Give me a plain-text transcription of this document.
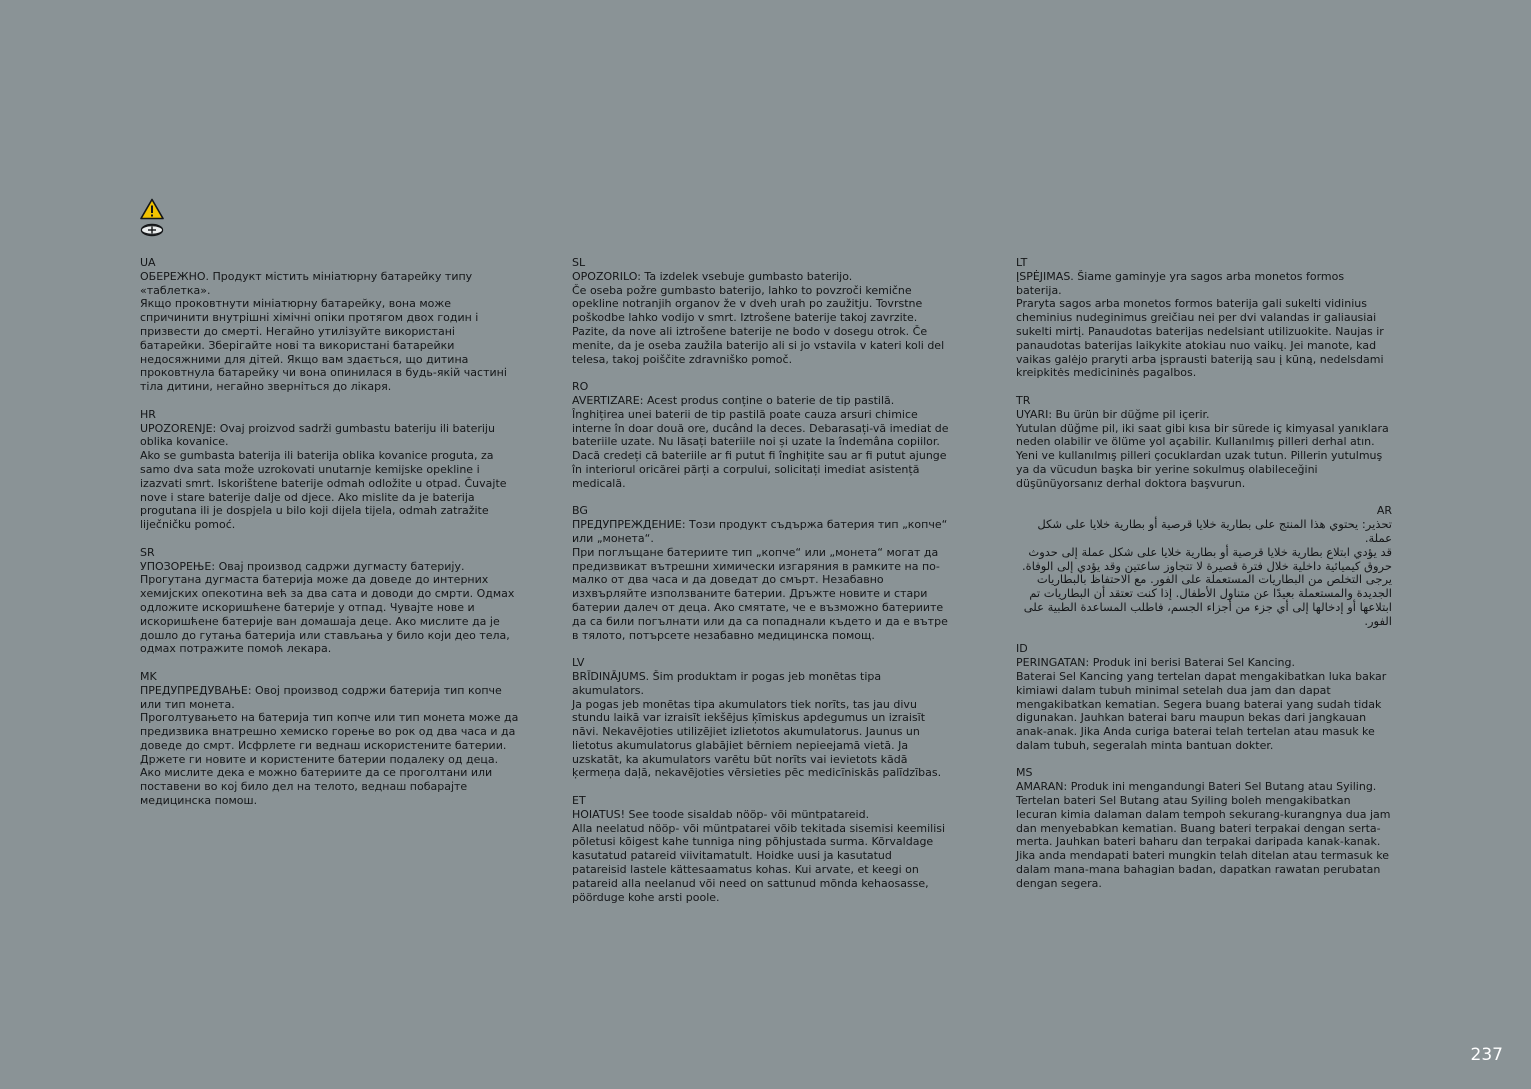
UA
ОБЕРЕЖНО. Продукт містить мініатюрну батарейку типу «таблетка».
Якщо проковтнути мініатюрну батарейку, вона може спричинити внутрішні хімічні опіки протягом двох годин і призвести до смерті. Негайно утилізуйте використані батарейки. Зберігайте нові та використані батарейки недосяжними для дітей. Якщо вам здається, що дитина проковтнула батарейку чи вона опинилася в будь-якій частині тіла дитини, негайно зверніться до лікаря.
HR
UPOZORENJE: Ovaj proizvod sadrži gumbastu bateriju ili bateriju oblika kovanice.
Ako se gumbasta baterija ili baterija oblika kovanice proguta, za samo dva sata može uzrokovati unutarnje kemijske opekline i izazvati smrt. Iskorištene baterije odmah odložite u otpad. Čuvajte nove i stare baterije dalje od djece. Ako mislite da je baterija progutana ili je dospjela u bilo koji dijela tijela, odmah zatražite liječničku pomoć.
SR
УПОЗОРЕЊЕ: Овај производ садржи дугмасту батерију.
Прогутана дугмаста батерија може да доведе до интерних хемијских опекотина већ за два сата и доводи до смрти. Одмах одложите искоришћене батерије у отпад. Чувајте нове и искоришћене батерије ван домашаја деце. Ако мислите да је дошло до гутања батерија или стављања у било који део тела, одмах потражите помоћ лекара.
MK
ПРЕДУПРЕДУВАЊЕ: Овој производ содржи батерија тип копче или тип монета.
Проголтувањето на батерија тип копче или тип монета може да предизвика внатрешно хемиско горење во рок од два часа и да доведе до смрт. Исфрлете ги веднаш искористените батерии. Држете ги новите и користените батерии подалеку од деца. Ако мислите дека е можно батериите да се проголтани или поставени во кој било дел на телото, веднаш побарајте медицинска помош.
SL
OPOZORILO: Ta izdelek vsebuje gumbasto baterijo.
Če oseba požre gumbasto baterijo, lahko to povzroči kemične opekline notranjih organov že v dveh urah po zaužitju. Tovrstne poškodbe lahko vodijo v smrt. Iztrošene baterije takoj zavrzite. Pazite, da nove ali iztrošene baterije ne bodo v dosegu otrok. Če menite, da je oseba zaužila baterijo ali si jo vstavila v kateri koli del telesa, takoj poiščite zdravniško pomoč.
RO
AVERTIZARE: Acest produs conține o baterie de tip pastilă.
Înghițirea unei baterii de tip pastilă poate cauza arsuri chimice interne în doar două ore, ducând la deces. Debarasați-vă imediat de bateriile uzate. Nu lăsați bateriile noi și uzate la îndemâna copiilor. Dacă credeți că bateriile ar fi putut fi înghițite sau ar fi putut ajunge în interiorul oricărei părți a corpului, solicitați imediat asistență medicală.
BG
ПРЕДУПРЕЖДЕНИЕ: Този продукт съдържа батерия тип „копче“ или „монета“.
При поглъщане батериите тип „копче“ или „монета“ могат да предизвикат вътрешни химически изгаряния в рамките на по-малко от два часа и да доведат до смърт. Незабавно изхвърляйте използваните батерии. Дръжте новите и стари батерии далеч от деца. Ако смятате, че е възможно батериите да са били погълнати или да са попаднали където и да е вътре в тялото, потърсете незабавно медицинска помощ.
LV
BRĪDINĀJUMS. Šim produktam ir pogas jeb monētas tipa akumulators.
Ja pogas jeb monētas tipa akumulators tiek norīts, tas jau divu stundu laikā var izraisīt iekšējus ķīmiskus apdegumus un izraisīt nāvi. Nekavējoties utilizējiet izlietotos akumulatorus. Jaunus un lietotus akumulatorus glabājiet bērniem nepieejamā vietā. Ja uzskatāt, ka akumulators varētu būt norīts vai ievietots kādā ķermeņa daļā, nekavējoties vērsieties pēc medicīniskās palīdzības.
ET
HOIATUS! See toode sisaldab nööp- või müntpatareid.
Alla neelatud nööp- või müntpatarei võib tekitada sisemisi keemilisi põletusi kõigest kahe tunniga ning põhjustada surma. Kõrvaldage kasutatud patareid viivitamatult. Hoidke uusi ja kasutatud patareisid lastele kättesaamatus kohas. Kui arvate, et keegi on patareid alla neelanud või need on sattunud mõnda kehaosasse, pöörduge kohe arsti poole.
LT
ĮSPĖJIMAS. Šiame gaminyje yra sagos arba monetos formos baterija.
Praryta sagos arba monetos formos baterija gali sukelti vidinius cheminius nudeginimus greičiau nei per dvi valandas ir galiausiai sukelti mirtį. Panaudotas baterijas nedelsiant utilizuokite. Naujas ir panaudotas baterijas laikykite atokiau nuo vaikų. Jei manote, kad vaikas galėjo praryti arba įsprausti bateriją sau į kūną, nedelsdami kreipkitės medicininės pagalbos.
TR
UYARI: Bu ürün bir düğme pil içerir.
Yutulan düğme pil, iki saat gibi kısa bir sürede iç kimyasal yanıklara neden olabilir ve ölüme yol açabilir. Kullanılmış pilleri derhal atın. Yeni ve kullanılmış pilleri çocuklardan uzak tutun. Pillerin yutulmuş ya da vücudun başka bir yerine sokulmuş olabileceğini düşünüyorsanız derhal doktora başvurun.
AR
تحذير: يحتوي هذا المنتج على بطارية خلايا قرصية أو بطارية خلايا على شكل عملة.
قد يؤدي ابتلاع بطارية خلايا قرصية أو بطارية خلايا على شكل عملة إلى حدوث حروق كيميائية داخلية خلال فترة قصيرة لا تتجاوز ساعتين وقد يؤدي إلى الوفاة. يرجى التخلص من البطاريات المستعملة على الفور. مع الاحتفاظ بالبطاريات الجديدة والمستعملة بعيدًا عن متناول الأطفال. إذا كنت تعتقد أن البطاريات تم ابتلاعها أو إدخالها إلى أي جزء من أجزاء الجسم، فاطلب المساعدة الطبية على الفور.
ID
PERINGATAN: Produk ini berisi Baterai Sel Kancing.
Baterai Sel Kancing yang tertelan dapat mengakibatkan luka bakar kimiawi dalam tubuh minimal setelah dua jam dan dapat mengakibatkan kematian. Segera buang baterai yang sudah tidak digunakan. Jauhkan baterai baru maupun bekas dari jangkauan anak-anak. Jika Anda curiga baterai telah tertelan atau masuk ke dalam tubuh, segeralah minta bantuan dokter.
MS
AMARAN: Produk ini mengandungi Bateri Sel Butang atau Syiling.
Tertelan bateri Sel Butang atau Syiling boleh mengakibatkan lecuran kimia dalaman dalam tempoh sekurang-kurangnya dua jam dan menyebabkan kematian. Buang bateri terpakai dengan serta-merta. Jauhkan bateri baharu dan terpakai daripada kanak-kanak. Jika anda mendapati bateri mungkin telah ditelan atau termasuk ke dalam mana-mana bahagian badan, dapatkan rawatan perubatan dengan segera.
237
